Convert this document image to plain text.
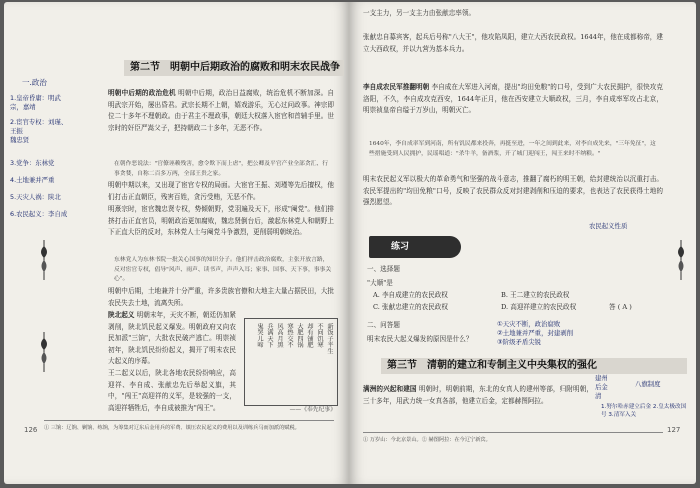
第二节 明朝中后期政治的腐败和明末农民战争
一.政治
1.皇帝昏庸：明武宗，嘉靖
2.宦官专权：刘瑾、王振
魏忠贤
3.党争：东林党
4.土地兼并严重
5.天灾人祸：陕北
6.农民起义：李自成
明朝中后期的政治危机 明朝中后期，政治日益腐败，统治危机不断加深。自明武宗开始，屡出昏君。武宗长期不上朝，嬉戏游乐，无心过问政事。神宗即位二十多年不理朝政。由于君主不理政事，朝廷大权落入宦官和首辅手里。世宗时的奸臣严嵩父子，把持朝政二十多年，无恶不作。
在朝作恶说法："官僚诬赖残害，愈令欺下而上虐"，把公卿及平官产业全部贪汇、行事贪婪，自称二百多万两，全部王贵之家。
明朝中期以来，又出现了宦官专权的局面。大宦官王振、刘瑾等先后擅权，他们打击正直朝臣，残害百姓，贪污受贿，无恶不作。
明熹宗时，宦官魏忠贤专权，势倾朝野，党羽遍及天下，形成"阉党"。他们排挤打击正直官员，明朝政治更加腐败，魏忠贤倒台后，激起东林党人和朝野上下正直大臣的反对，东林党人士与阉党斗争激烈，更削弱明朝统治。
东林党人为东林书院一批关心国事的知识分子。他们抨击政治腐败，主张开放言路，反对宦官专权，倡导"风声、雨声、读书声，声声入耳；家事、国事、天下事，事事关心"。
明朝中后期，土地兼并十分严重，许多贵族官僚和大地主大量占据民田，大批农民失去土地，流离失所。
陕北起义 明朝末年，天灾不断，朝廷仍加紧剥削，陕北饥民起义爆发。明朝政府又向农民加派"三饷"，大批农民破产逃亡。明崇祯初年，陕北饥民纷纷起义，揭开了明末农民大起义的序幕。
王二起义以后，陕北各地农民纷纷响应，高迎祥、李自成、张献忠先后举起义旗，其中，"闯王"高迎祥的义军，是较强的一支，高迎祥牺牲后，李自成被推为"闯王"。
新饭子平生
不问饥寒
却有铺肥
大肥四锅
寒热交不
风高月黑
兵满天下
鬼哭儿啼
——《奉先纪事》
① 三饷：辽饷、剿饷、练饷，为筹集对辽东后金用兵的军费、镇压农民起义的费用以及训练兵马而加派的赋税。
126
一支主力，另一支主力由张献忠率领。
张献忠自募宾客，起兵后号称"八大王"，他攻陷凤阳，建立大西农民政权。1644年，他在成都称帝，建立大西政权，并以九营为基本兵力。
李自成农民军推翻明朝 李自成在大军进入河南，提出"均田免粮"的口号，受到广大农民拥护，很快攻克洛阳，不久，李自成攻克西安，1644年正月，他在西安建立大顺政权，三月，李自成率军攻占北京，明崇祯皇帝自缢于万岁山，明朝灭亡。
1640年，李自成率军到河南，所有饥民都来投奔，再挺至进，一年之间到此来，对李自成先来，"三年免征"，这些措施受到人民拥护，民谣唱道："杀牛羊，备酒浆，开了城门迎闯王，闯王来时不纳粮。"
明末农民起义军以极大的革命勇气和坚强的战斗意志，推翻了腐朽的明王朝，给封建统治以沉重打击。农民军提出的"均田免粮"口号，反映了农民群众反对封建剥削和压迫的要求，也表达了农民获得土地的强烈愿望。
农民起义性质
练习
一、选择题
"大顺"是
A. 李自成建立的农民政权	B. 王二建立的农民政权
C. 张献忠建立的农民政权	D. 高迎祥建立的农民政权	答 ( A )
二、问答题
明末农民大起义爆发的原因是什么？
①天灾不断，政治腐败
②土地兼并严重，封建剥削
③阶级矛盾尖锐
第三节 清朝的建立和专制主义中央集权的强化
满洲的兴起和建国 明朝时，明朝前期，东北的女真人的建州等部，归附明朝，三十多年，用武力统一女真各部，他建立后金，定都赫图阿拉。
建州
后金
清
八旗制度
1.努尔哈赤建立后金 2.皇太极改国号 3.清军入关
① 万岁山：今北京景山。② 赫图阿拉：在今辽宁新宾。
127
